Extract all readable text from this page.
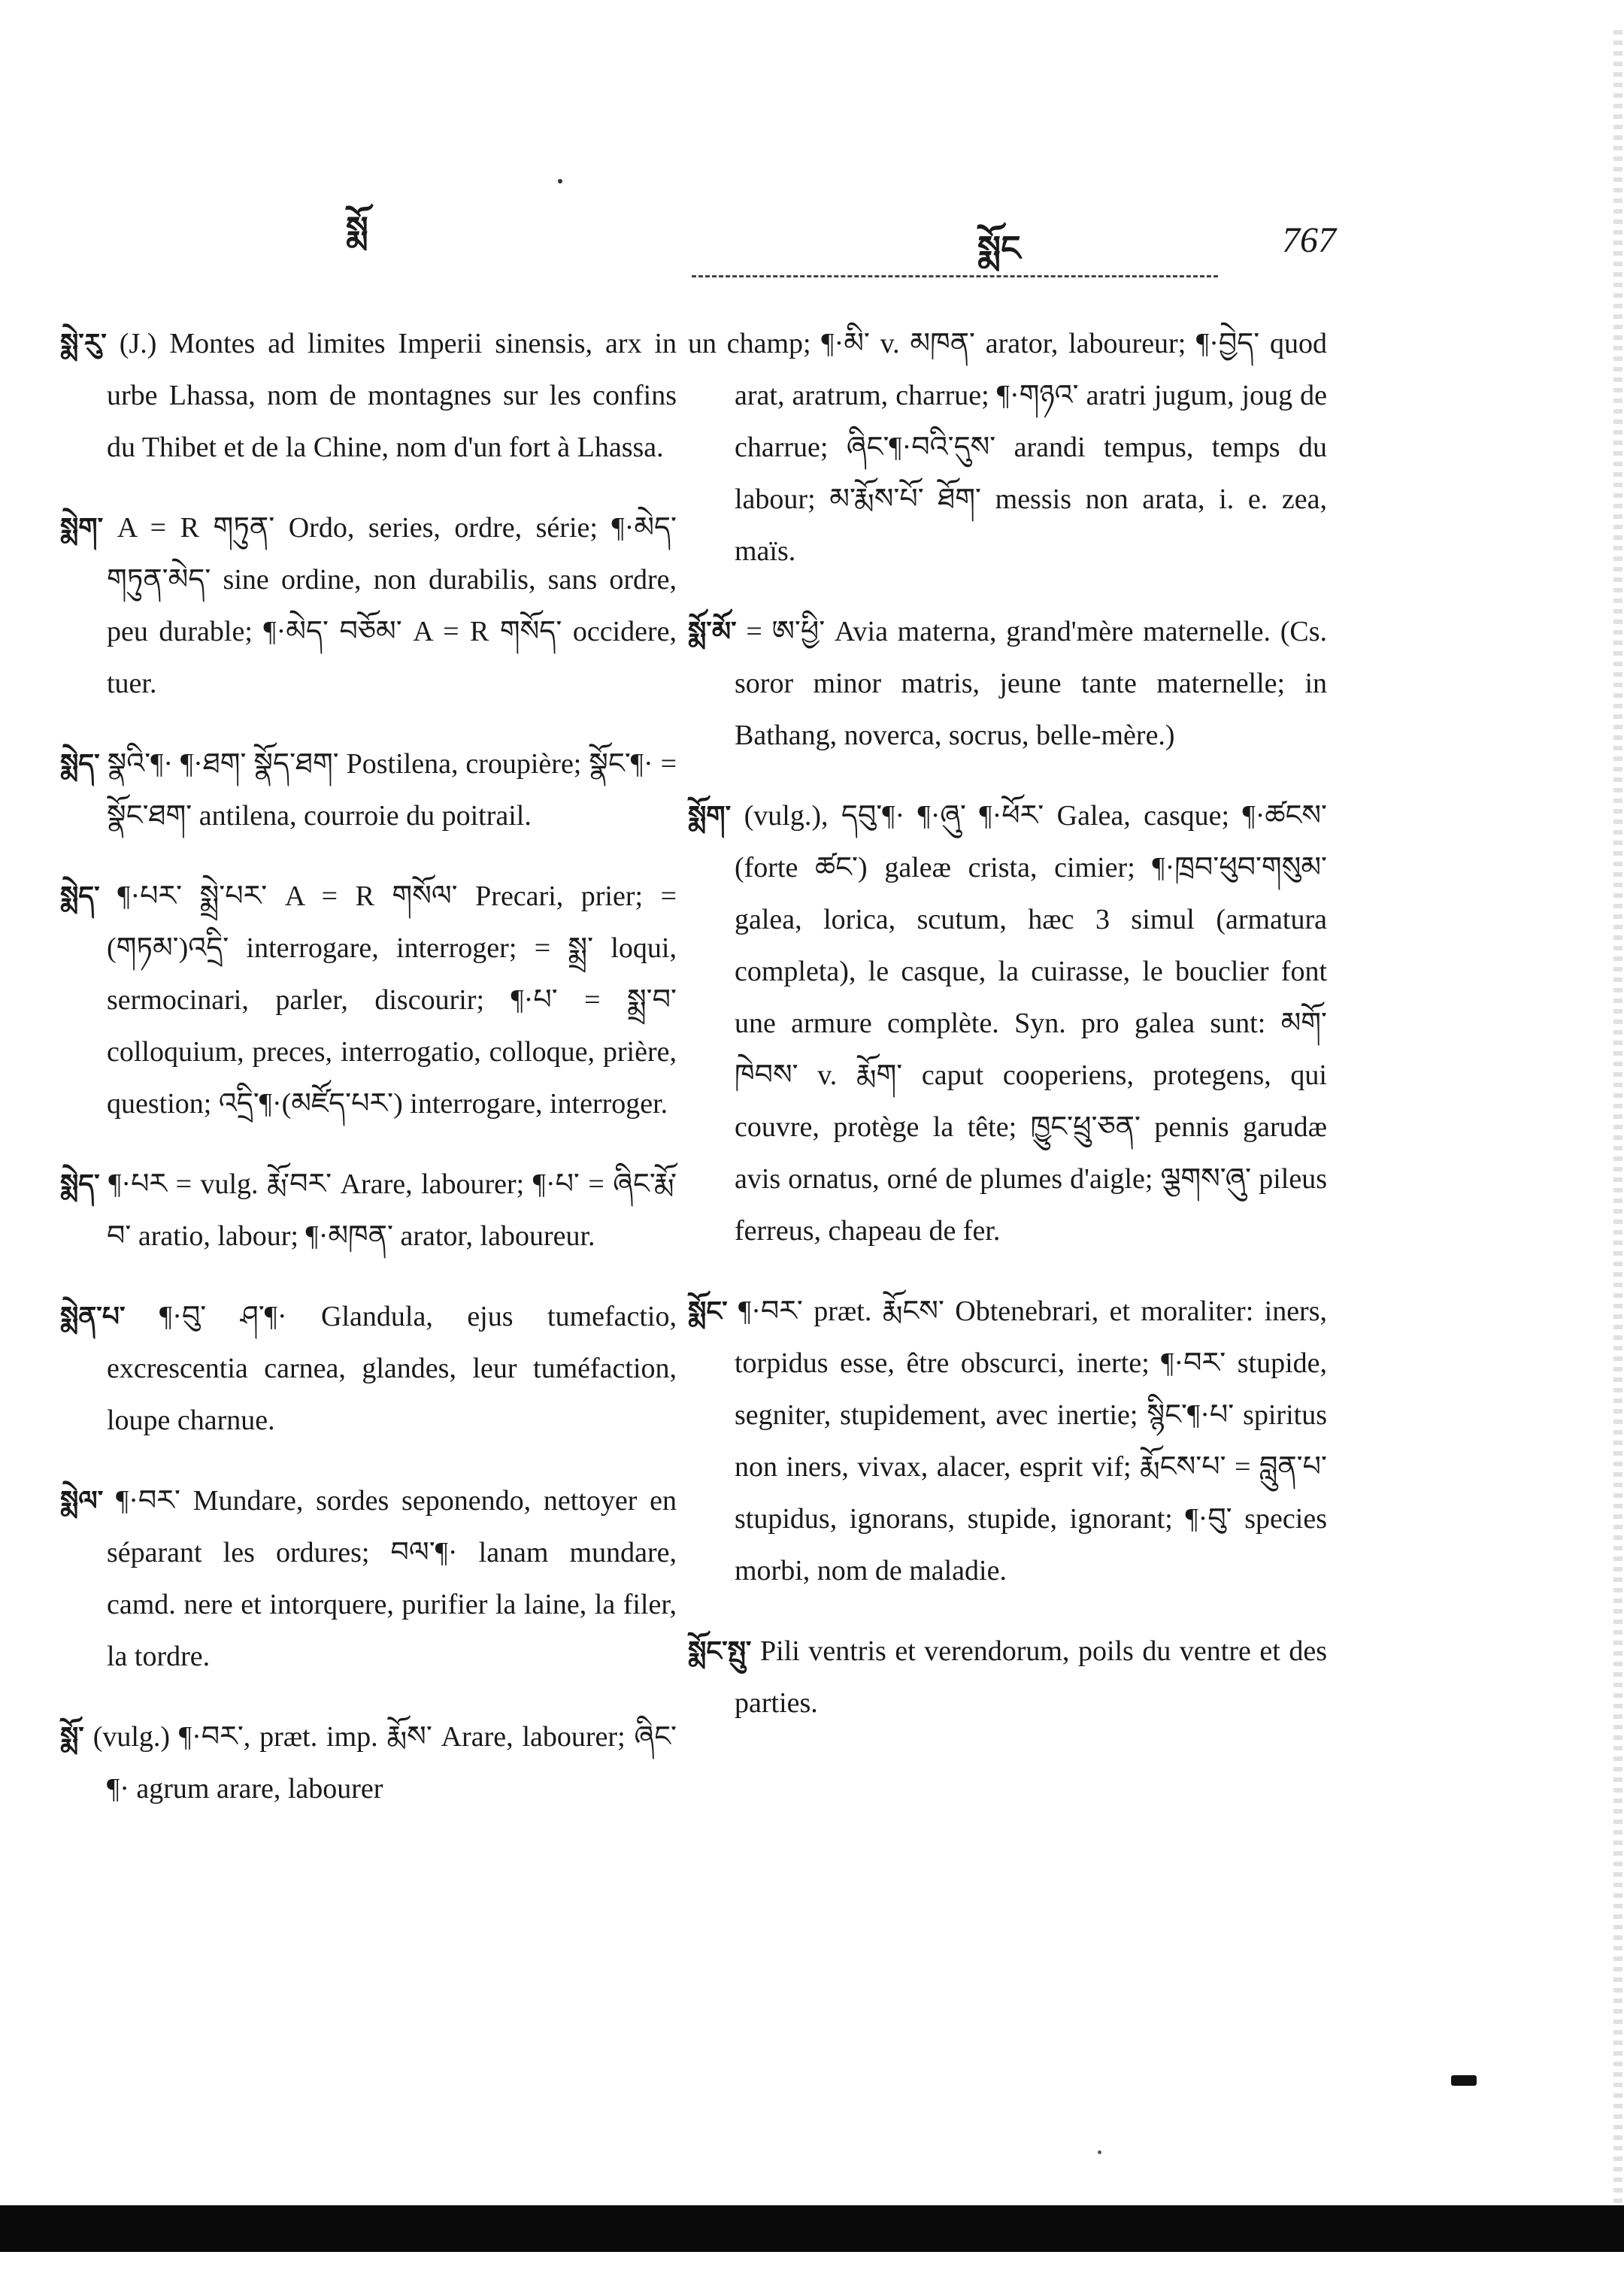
སྨོ	སྨོང	767

སྨེ་རུ་ (J.) Montes ad limites Imperii sinensis, arx in urbe Lhassa, nom de montagnes sur les confins du Thibet et de la Chine, nom d'un fort à Lhassa.

སྨེག་ A = R གཏུན་ Ordo, series, ordre, série; ¶·མེད་ གཏུན་མེད་ sine ordine, non durabilis, sans ordre, peu durable; ¶·མེད་ བཅོམ་ A = R གསོད་ occidere, tuer.

སྨེད་ སྣའི་¶· ¶·ཐག་ སྣོད་ཐག་ Postilena, croupière; སྣོང་¶· = སྣོང་ཐག་ antilena, courroie du poitrail.

སྨེད་ ¶·པར་ སྨྲེ་པར་ A = R གསོལ་ Precari, prier; =(གཏམ་)འདྲི་ interrogare, interroger; = སྨྲ་ loqui, sermocinari, parler, discourir; ¶·པ་ = སྨྲ་བ་ colloquium, preces, interrogatio, colloque, prière, question; འདྲི་¶·(མཛོད་པར་) interrogare, interroger.

སྨེད་ ¶·པར = vulg. རྨོ་བར་ Arare, labourer; ¶·པ་ = ཞིང་རྨོ་བ་ aratio, labour; ¶·མཁན་ arator, laboureur.

སྨེན་པ་ ¶·བུ་ ཤ་¶· Glandula, ejus tumefactio, excrescentia carnea, glandes, leur tuméfaction, loupe charnue.

སྨེལ་ ¶·བར་ Mundare, sordes seponendo, nettoyer en séparant les ordures; བལ་¶· lanam mundare, camd. nere et intorquere, purifier la laine, la filer, la tordre.

སྨོ་ (vulg.) ¶·བར་, præt. imp. རྨོས་ Arare, labourer; ཞིང་¶· agrum arare, labourer

un champ; ¶·མི་ v. མཁན་ arator, laboureur; ¶·བྱེད་ quod arat, aratrum, charrue; ¶·གཉའ་ aratri jugum, joug de charrue; ཞིང་¶·བའི་དུས་ arandi tempus, temps du labour; མ་རྨོས་པོ་ ཐོག་ messis non arata, i. e. zea, maïs.

སྨོ་མོ་ = ཨ་ཕྱི་ Avia materna, grand'mère maternelle. (Cs. soror minor matris, jeune tante maternelle; in Bathang, noverca, socrus, belle-mère.)

སྨོག་ (vulg.), དབུ་¶· ¶·ཞུ་ ¶·ཕོར་ Galea, casque; ¶·ཚངས་(forte ཚང་) galeæ crista, cimier; ¶·ཁྲབ་ཕུབ་གསུམ་ galea, lorica, scutum, hæc 3 simul (armatura completa), le casque, la cuirasse, le bouclier font une armure complète. Syn. pro galea sunt: མགོ་ཁེབས་ v. རྨོག་ caput cooperiens, protegens, qui couvre, protège la tête; ཁྱུང་ཕྲུ་ཅན་ pennis garudæ avis ornatus, orné de plumes d'aigle; ལྕགས་ཞུ་ pileus ferreus, chapeau de fer.

སྨོང་ ¶·བར་ præt. རྨོངས་ Obtenebrari, et moraliter: iners, torpidus esse, être obscurci, inerte; ¶·བར་ stupide, segniter, stupidement, avec inertie; སྙིང་¶·པ་ spiritus non iners, vivax, alacer, esprit vif; རྨོངས་པ་ = བླུན་པ་ stupidus, ignorans, stupide, ignorant; ¶·བུ་ species morbi, nom de maladie.

སྨོང་སྤུ་ Pili ventris et verendorum, poils du ventre et des parties.
